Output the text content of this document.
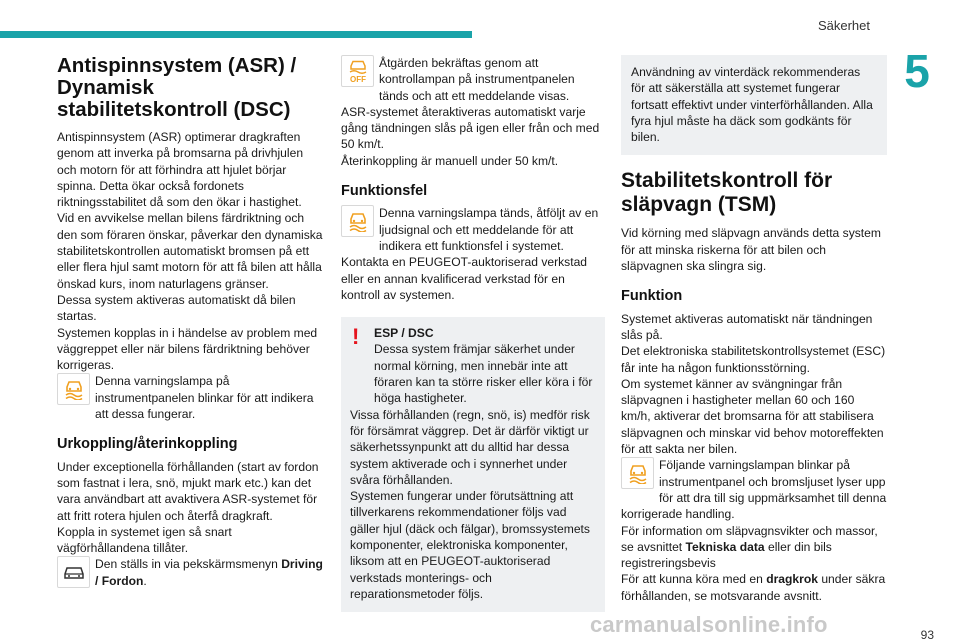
Säkerhet
5
Antispinnsystem (ASR) / Dynamisk stabilitetskontroll (DSC)

Antispinnsystem (ASR) optimerar dragkraften genom att inverka på bromsarna på drivhjulen och motorn för att förhindra att hjulet börjar spinna. Detta ökar också fordonets riktningsstabilitet då som den ökar i hastighet.

Vid en avvikelse mellan bilens färdriktning och den som föraren önskar, påverkar den dynamiska stabilitetskontrollen automatiskt bromsen på ett eller flera hjul samt motorn för att få bilen att hålla önskad kurs, inom naturlagens gränser.

Dessa system aktiveras automatiskt då bilen startas.

Systemen kopplas in i händelse av problem med väggreppet eller när bilens färdriktning behöver korrigeras.

Denna varningslampa på instrumentpanelen blinkar för att indikera att dessa fungerar.
Urkoppling/återinkoppling

Under exceptionella förhållanden (start av fordon som fastnat i lera, snö, mjukt mark etc.) kan det vara användbart att avaktivera ASR-systemet för att fritt rotera hjulen och återfå dragkraft.

Koppla in systemet igen så snart vägförhållandena tillåter.

Den ställs in via pekskärmsmenyn Driving / Fordon.
OFF
Åtgärden bekräftas genom att kontrollampan på instrumentpanelen tänds och att ett meddelande visas.

ASR-systemet återaktiveras automatiskt varje gång tändningen slås på igen eller från och med 50 km/t.

Återinkoppling är manuell under 50 km/t.

Funktionsfel
Denna varningslampa tänds, åtföljt av en ljudsignal och ett meddelande för att indikera ett funktionsfel i systemet.

Kontakta en PEUGEOT-auktoriserad verkstad eller en annan kvalificerad verkstad för en kontroll av systemen.

! ESP / DSC
Dessa system främjar säkerhet under normal körning, men innebär inte att föraren kan ta större risker eller köra i för höga hastigheter.

Vissa förhållanden (regn, snö, is) medför risk för försämrat väggrep. Det är därför viktigt ur säkerhetssynpunkt att du alltid har dessa system aktiverade och i synnerhet under svåra förhållanden.

Systemen fungerar under förutsättning att tillverkarens rekommendationer följs vad gäller hjul (däck och fälgar), bromssystemets komponenter, elektroniska komponenter, liksom att en PEUGEOT-auktoriserad verkstads monterings- och reparationsmetoder följs.

Användning av vinterdäck rekommenderas för att säkerställa att systemet fungerar fortsatt effektivt under vinterförhållanden. Alla fyra hjul måste ha däck som godkänts för bilen.
Stabilitetskontroll för släpvagn (TSM)

Vid körning med släpvagn används detta system för att minska riskerna för att bilen och släpvagnen ska slingra sig.

Funktion

Systemet aktiveras automatiskt när tändningen slås på.

Det elektroniska stabilitetskontrollsystemet (ESC) får inte ha någon funktionsstörning.

Om systemet känner av svängningar från släpvagnen i hastigheter mellan 60 och 160 km/h, aktiverar det bromsarna för att stabilisera släpvagnen och minskar vid behov motoreffekten för att sakta ner bilen.

Följande varningslampan blinkar på instrumentpanel och bromsljuset lyser upp för att dra till sig uppmärksamhet till denna korrigerade handling.

För information om släpvagnsvikter och massor, se avsnittet Tekniska data eller din bils registreringsbevis

För att kunna köra med en dragkrok under säkra förhållanden, se motsvarande avsnitt.

carmanualsonline.info	93
